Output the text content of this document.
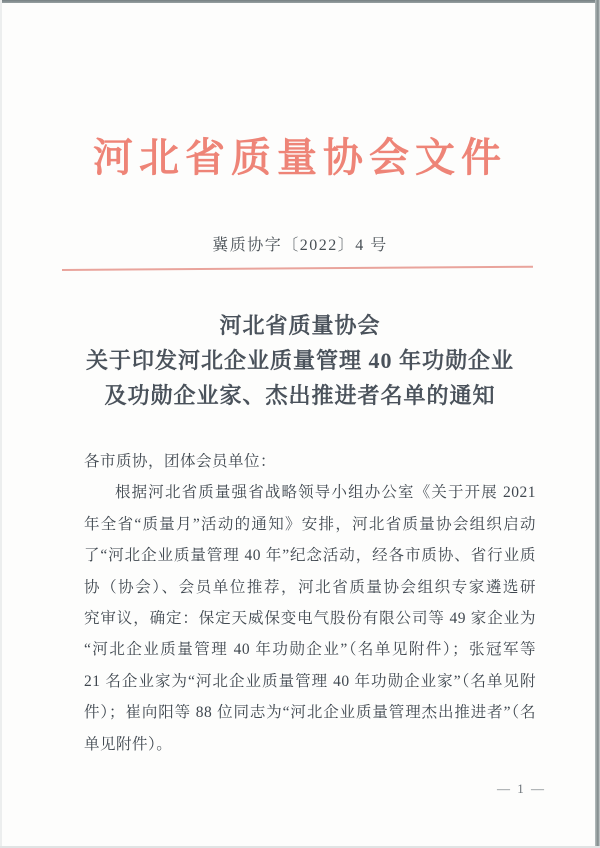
河北省质量协会文件
冀质协字〔2022〕4 号
河北省质量协会
关于印发河北企业质量管理 40 年功勋企业
及功勋企业家、杰出推进者名单的通知
各市质协，团体会员单位：
根据河北省质量强省战略领导小组办公室《关于开展 2021
年全省“质量月”活动的通知》安排，河北省质量协会组织启动
了“河北企业质量管理 40 年”纪念活动，经各市质协、省行业质
协（协会）、会员单位推荐，河北省质量协会组织专家遴选研
究审议，确定：保定天威保变电气股份有限公司等 49 家企业为
“河北企业质量管理 40 年功勋企业”（名单见附件）；张冠军等
21 名企业家为“河北企业质量管理 40 年功勋企业家”（名单见附
件）；崔向阳等 88 位同志为“河北企业质量管理杰出推进者”（名
单见附件）。
— 1 —
